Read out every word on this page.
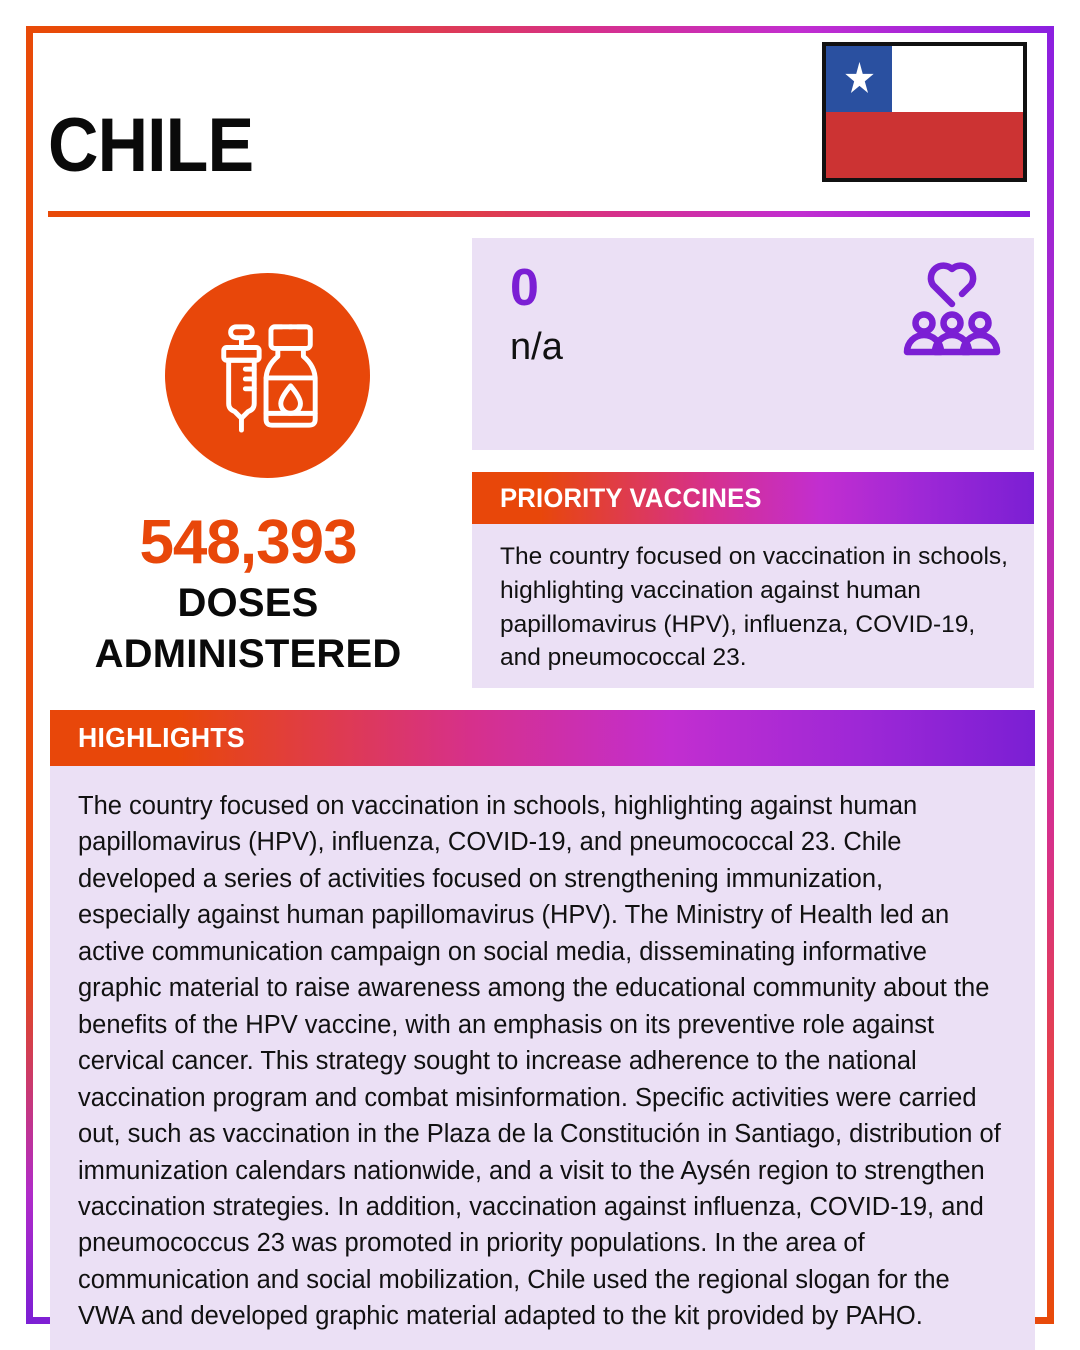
CHILE
548,393
DOSES
ADMINISTERED
0
n/a
PRIORITY VACCINES

The country focused on vaccination in schools, highlighting vaccination against human papillomavirus (HPV), influenza, COVID-19, and pneumococcal 23.

HIGHLIGHTS

The country focused on vaccination in schools, highlighting against human papillomavirus (HPV), influenza, COVID-19, and pneumococcal 23. Chile developed a series of activities focused on strengthening immunization, especially against human papillomavirus (HPV). The Ministry of Health led an active communication campaign on social media, disseminating informative graphic material to raise awareness among the educational community about the benefits of the HPV vaccine, with an emphasis on its preventive role against cervical cancer. This strategy sought to increase adherence to the national vaccination program and combat misinformation. Specific activities were carried out, such as vaccination in the Plaza de la Constitución in Santiago, distribution of immunization calendars nationwide, and a visit to the Aysén region to strengthen vaccination strategies. In addition, vaccination against influenza, COVID-19, and pneumococcus 23 was promoted in priority populations. In the area of communication and social mobilization, Chile used the regional slogan for the VWA and developed graphic material adapted to the kit provided by PAHO.
